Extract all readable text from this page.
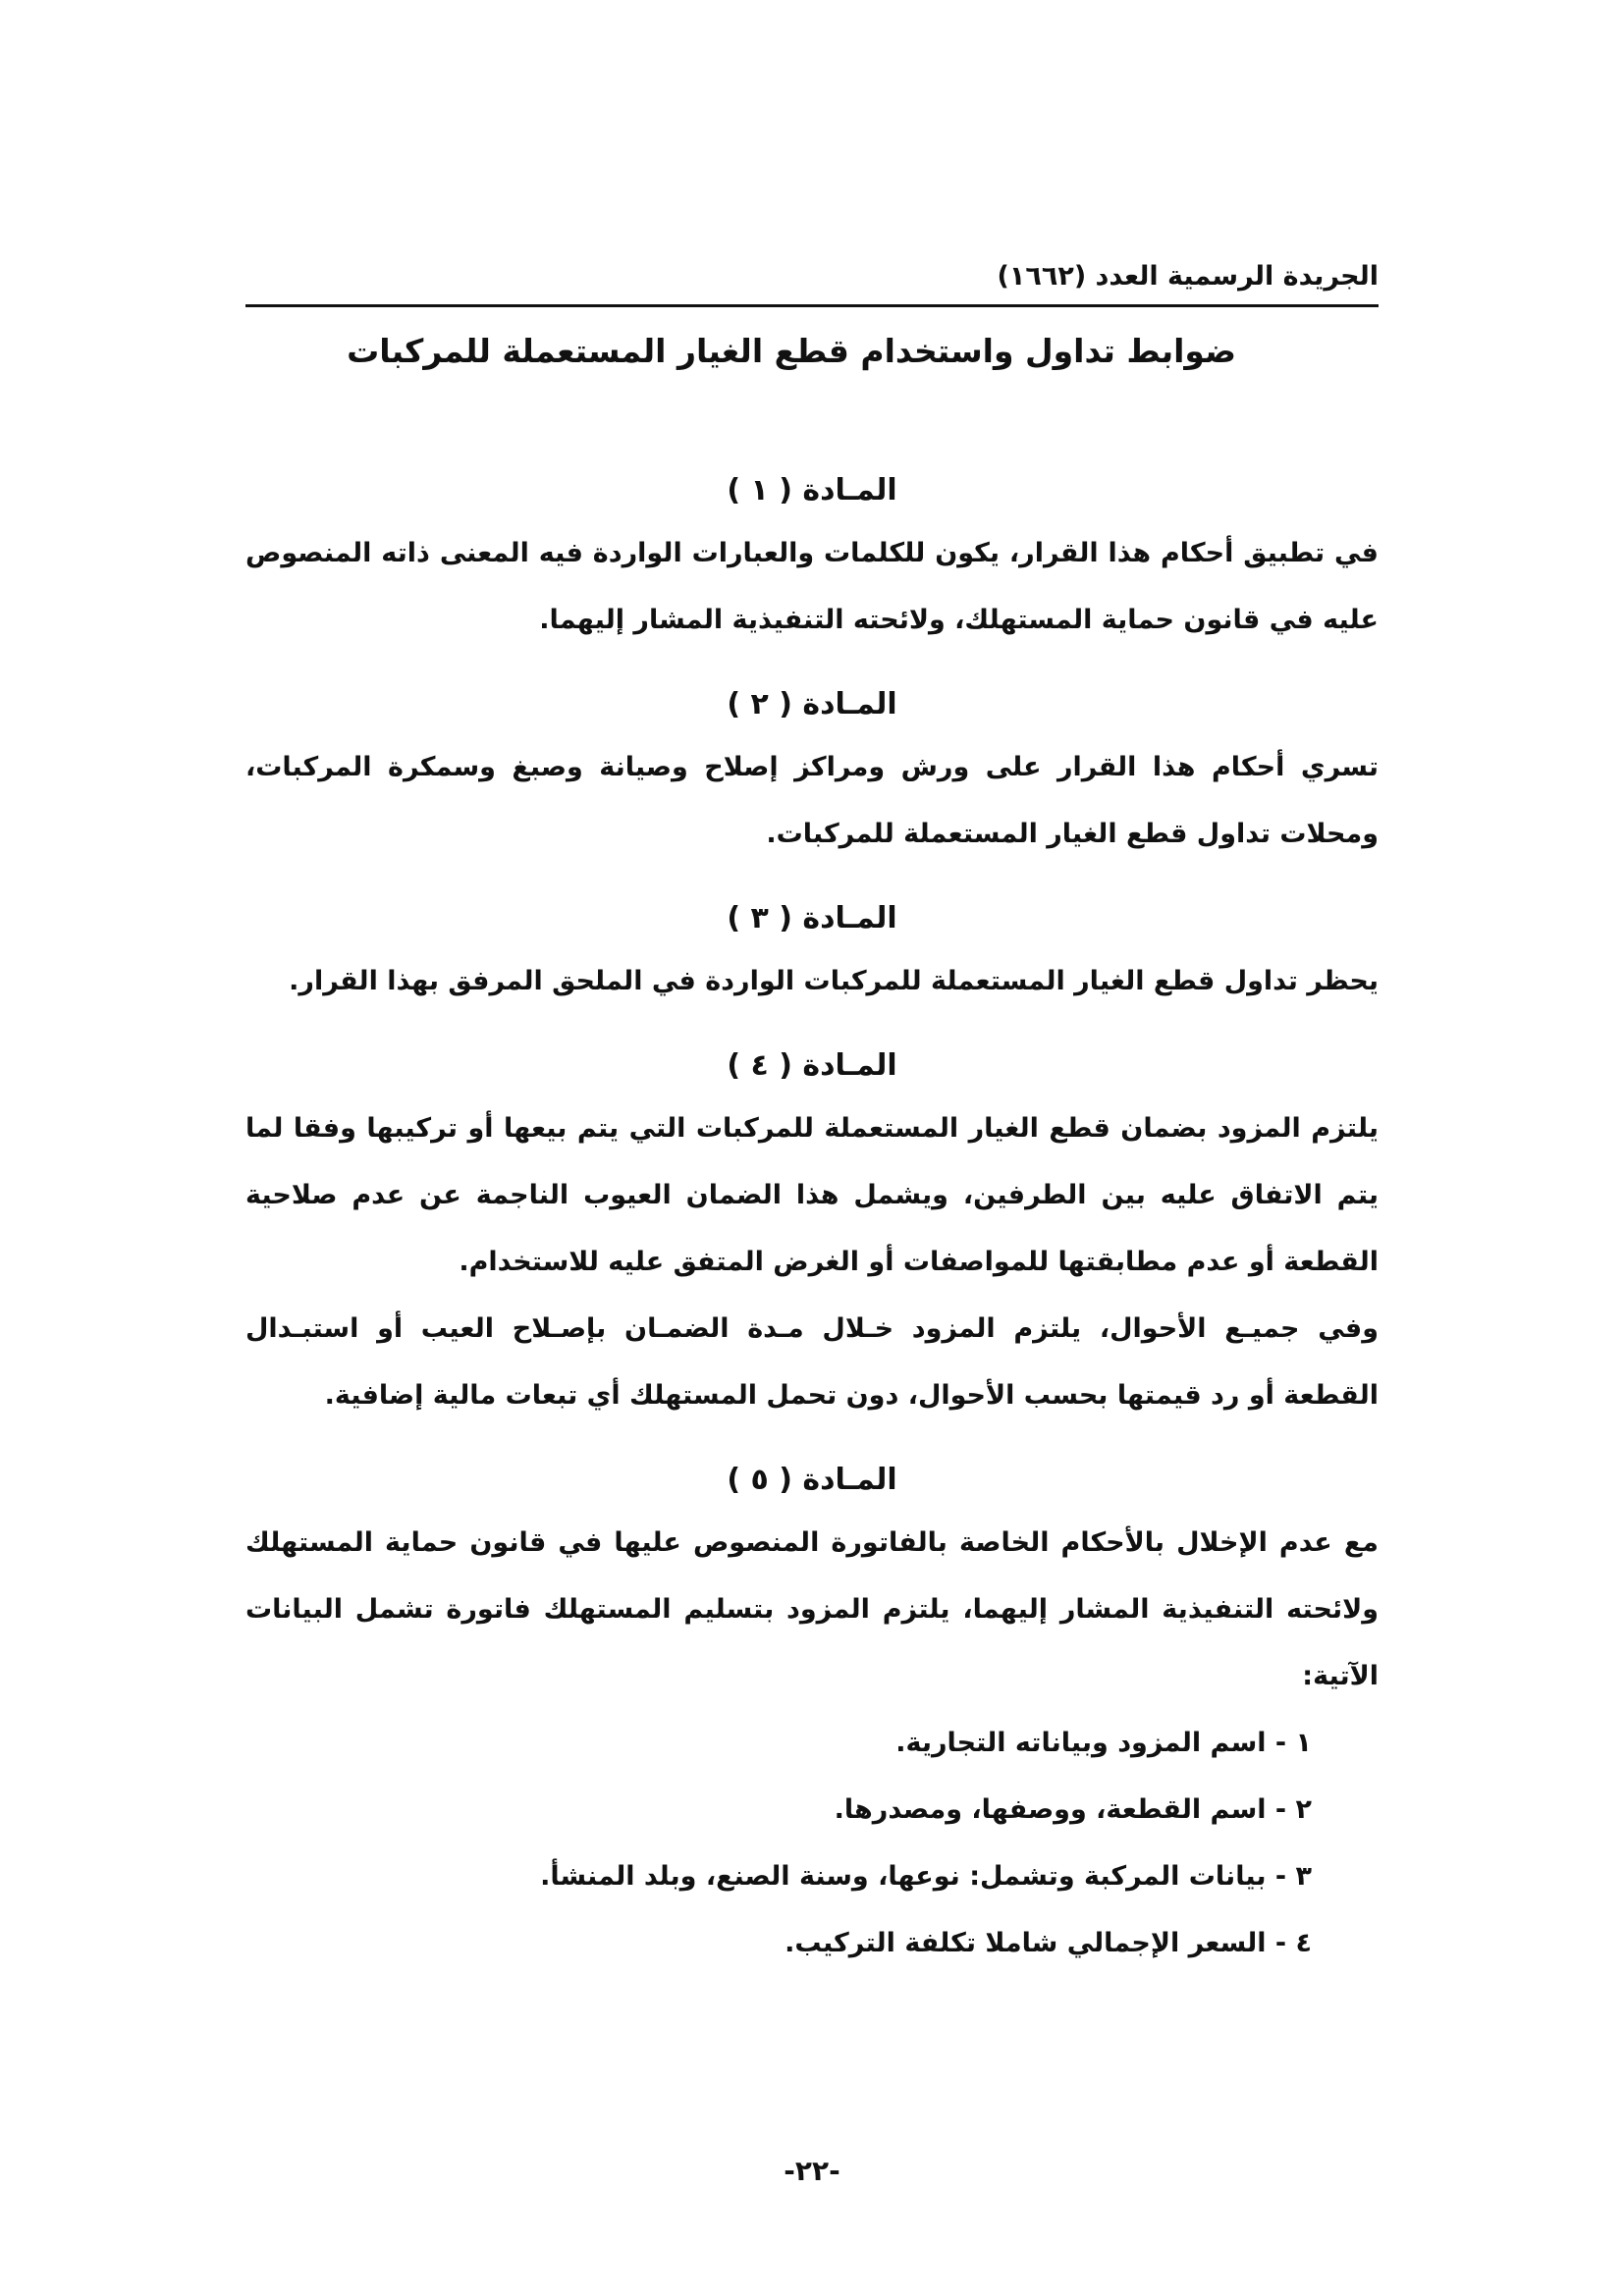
الجريدة الرسمية العدد (١٦٦٢)
ضوابط تداول واستخدام قطع الغيار المستعملة للمركبات
المـادة ( ١ )

في تطبيق أحكام هذا القرار، يكون للكلمات والعبارات الواردة فيه المعنى ذاته المنصوص عليه في قانون حماية المستهلك، ولائحته التنفيذية المشار إليهما.

المـادة ( ٢ )

تسري أحكام هذا القرار على ورش ومراكز إصلاح وصيانة وصبغ وسمكرة المركبات، ومحلات تداول قطع الغيار المستعملة للمركبات.

المـادة ( ٣ )

يحظر تداول قطع الغيار المستعملة للمركبات الواردة في الملحق المرفق بهذا القرار.

المـادة ( ٤ )

يلتزم المزود بضمان قطع الغيار المستعملة للمركبات التي يتم بيعها أو تركيبها وفقا لما يتم الاتفاق عليه بين الطرفين، ويشمل هذا الضمان العيوب الناجمة عن عدم صلاحية القطعة أو عدم مطابقتها للمواصفات أو الغرض المتفق عليه للاستخدام.

وفي جميـع الأحوال، يلتزم المزود خـلال مـدة الضمـان بإصـلاح العيب أو استبـدال القطعة أو رد قيمتها بحسب الأحوال، دون تحمل المستهلك أي تبعات مالية إضافية.

المـادة ( ٥ )

مع عدم الإخلال بالأحكام الخاصة بالفاتورة المنصوص عليها في قانون حماية المستهلك ولائحته التنفيذية المشار إليهما، يلتزم المزود بتسليم المستهلك فاتورة تشمل البيانات الآتية:

١ - اسم المزود وبياناته التجارية.

٢ - اسم القطعة، ووصفها، ومصدرها.

٣ - بيانات المركبة وتشمل: نوعها، وسنة الصنع، وبلد المنشأ.

٤ - السعر الإجمالي شاملا تكلفة التركيب.

-٢٢-
